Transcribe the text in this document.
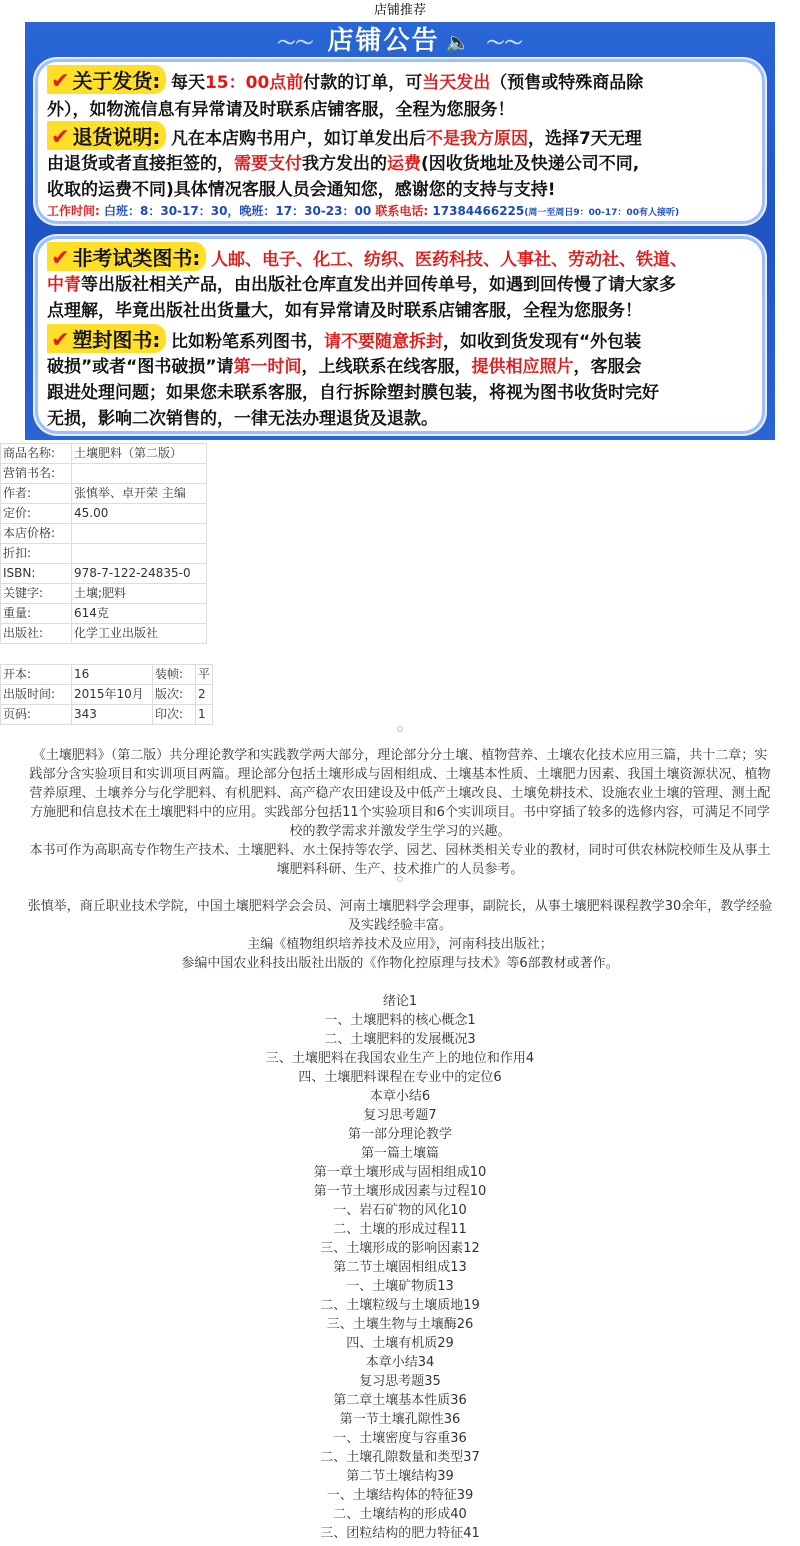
店铺推荐
〜〜 店铺公告 🔈 〜〜
✔ 关于发货: 每天15：00点前付款的订单，可当天发出（预售或特殊商品除
外），如物流信息有异常请及时联系店铺客服，全程为您服务！
✔ 退货说明: 凡在本店购书用户，如订单发出后不是我方原因，选择7天无理
由退货或者直接拒签的，需要支付我方发出的运费(因收货地址及快递公司不同,
收取的运费不同)具体情况客服人员会通知您，感谢您的支持与支持!
工作时间: 白班：8：30-17：30，晚班：17：30-23：00 联系电话: 17384466225(周一至周日9：00-17：00有人接听)
✔ 非考试类图书: 人邮、电子、化工、纺织、医药科技、人事社、劳动社、铁道、
中青等出版社相关产品，由出版社仓库直发出并回传单号，如遇到回传慢了请大家多
点理解，毕竟出版社出货量大，如有异常请及时联系店铺客服，全程为您服务！
✔ 塑封图书: 比如粉笔系列图书，请不要随意拆封，如收到货发现有“外包装
破损”或者“图书破损”请第一时间，上线联系在线客服，提供相应照片，客服会
跟进处理问题；如果您未联系客服，自行拆除塑封膜包装，将视为图书收货时完好
无损，影响二次销售的，一律无法办理退货及退款。
商品名称:	土壤肥料（第二版）
营销书名:	
作者:	张慎举、卓开荣 主编
定价:	45.00
本店价格:	
折扣:	
ISBN:	978-7-122-24835-0
关键字:	土壤;肥料
重量:	614克
出版社:	化学工业出版社
开本:	16	装帧:	平
出版时间:	2015年10月	版次:	2
页码:	343	印次:	1
《土壤肥料》（第二版）共分理论教学和实践教学两大部分，理论部分分土壤、植物营养、土壤农化技术应用三篇，共十二章；实
践部分含实验项目和实训项目两篇。理论部分包括土壤形成与固相组成、土壤基本性质、土壤肥力因素、我国土壤资源状况、植物
营养原理、土壤养分与化学肥料、有机肥料、高产稳产农田建设及中低产土壤改良、土壤免耕技术、设施农业土壤的管理、测土配
方施肥和信息技术在土壤肥料中的应用。实践部分包括11个实验项目和6个实训项目。书中穿插了较多的选修内容，可满足不同学
校的教学需求并激发学生学习的兴趣。
本书可作为高职高专作物生产技术、土壤肥料、水土保持等农学、园艺、园林类相关专业的教材，同时可供农林院校师生及从事土
壤肥料科研、生产、技术推广的人员参考。
张慎举，商丘职业技术学院，中国土壤肥料学会会员、河南土壤肥料学会理事，副院长，从事土壤肥料课程教学30余年，教学经验
及实践经验丰富。
主编《植物组织培养技术及应用》，河南科技出版社；
参编中国农业科技出版社出版的《作物化控原理与技术》等6部教材或著作。
绪论1
一、土壤肥料的核心概念1
二、土壤肥料的发展概况3
三、土壤肥料在我国农业生产上的地位和作用4
四、土壤肥料课程在专业中的定位6
本章小结6
复习思考题7
第一部分理论教学
第一篇土壤篇
第一章土壤形成与固相组成10
第一节土壤形成因素与过程10
一、岩石矿物的风化10
二、土壤的形成过程11
三、土壤形成的影响因素12
第二节土壤固相组成13
一、土壤矿物质13
二、土壤粒级与土壤质地19
三、土壤生物与土壤酶26
四、土壤有机质29
本章小结34
复习思考题35
第二章土壤基本性质36
第一节土壤孔隙性36
一、土壤密度与容重36
二、土壤孔隙数量和类型37
第二节土壤结构39
一、土壤结构体的特征39
二、土壤结构的形成40
三、团粒结构的肥力特征41
